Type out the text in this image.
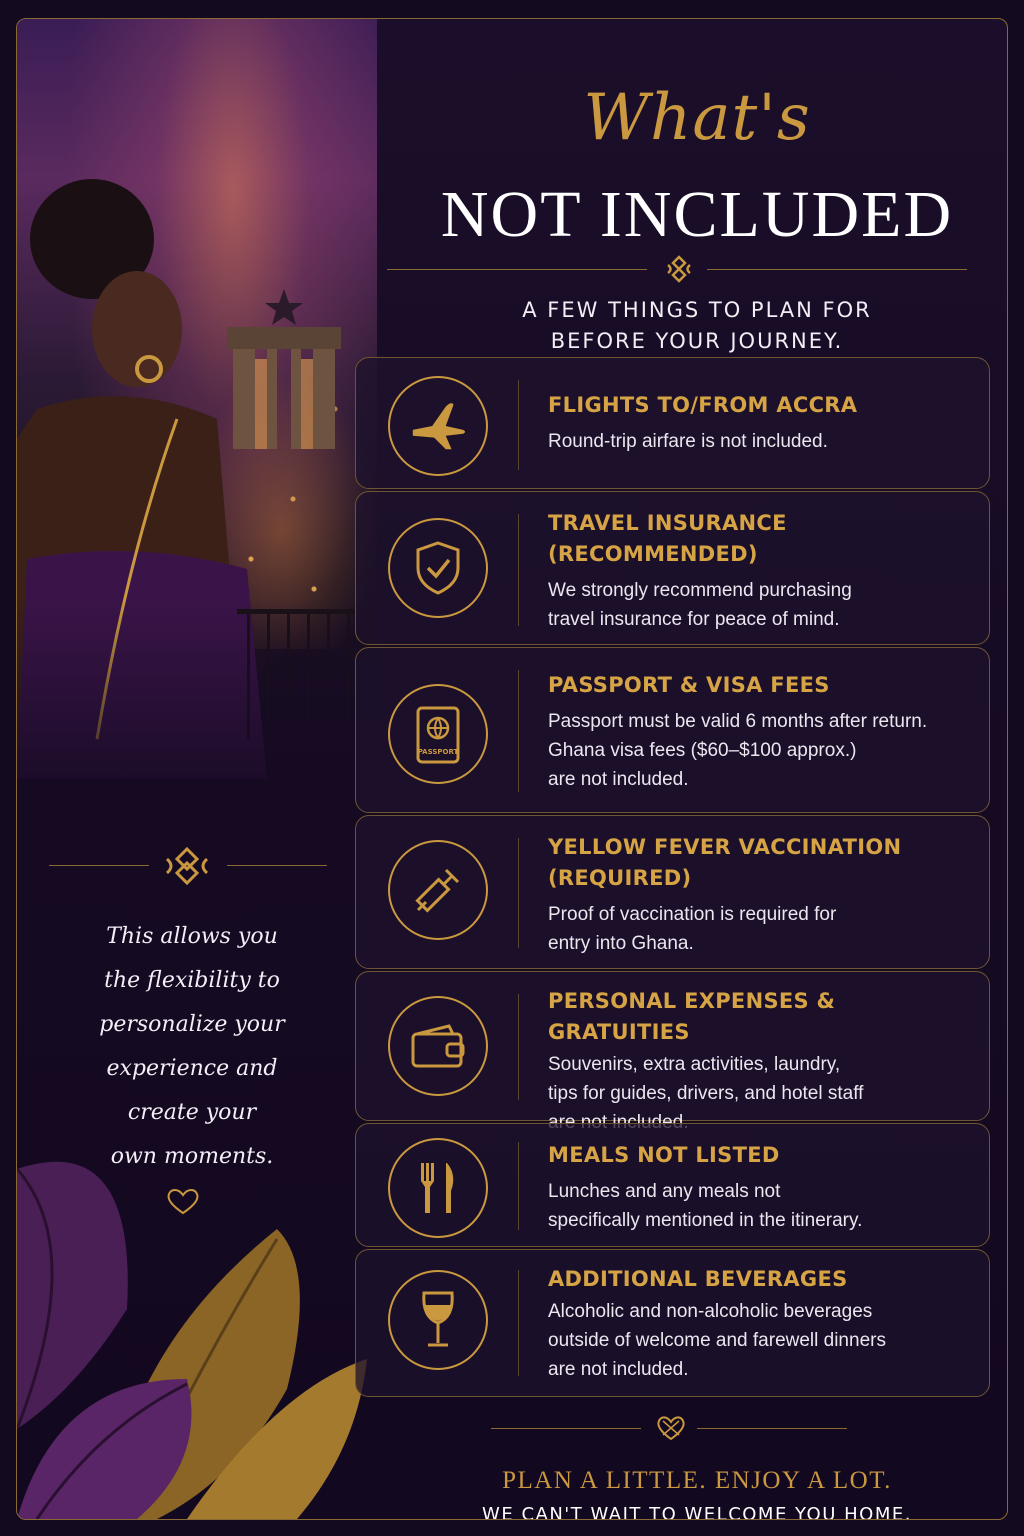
This allows you
the flexibility to
personalize your
experience and
create your
own moments.
What's
NOT INCLUDED
A FEW THINGS TO PLAN FOR
BEFORE YOUR JOURNEY.
FLIGHTS TO/FROM ACCRA

Round-trip airfare is not included.

TRAVEL INSURANCE
(RECOMMENDED)

We strongly recommend purchasing
travel insurance for peace of mind.

PASSPORT
PASSPORT & VISA FEES

Passport must be valid 6 months after return.
Ghana visa fees ($60–$100 approx.)
are not included.

YELLOW FEVER VACCINATION
(REQUIRED)

Proof of vaccination is required for
entry into Ghana.

PERSONAL EXPENSES & GRATUITIES

Souvenirs, extra activities, laundry,
tips for guides, drivers, and hotel staff

MEALS NOT LISTED

Lunches and any meals not
specifically mentioned in the itinerary.

ADDITIONAL BEVERAGES

Alcoholic and non-alcoholic beverages
outside of welcome and farewell dinners
are not included.

PLAN A LITTLE. ENJOY A LOT.
WE CAN'T WAIT TO WELCOME YOU HOME.
